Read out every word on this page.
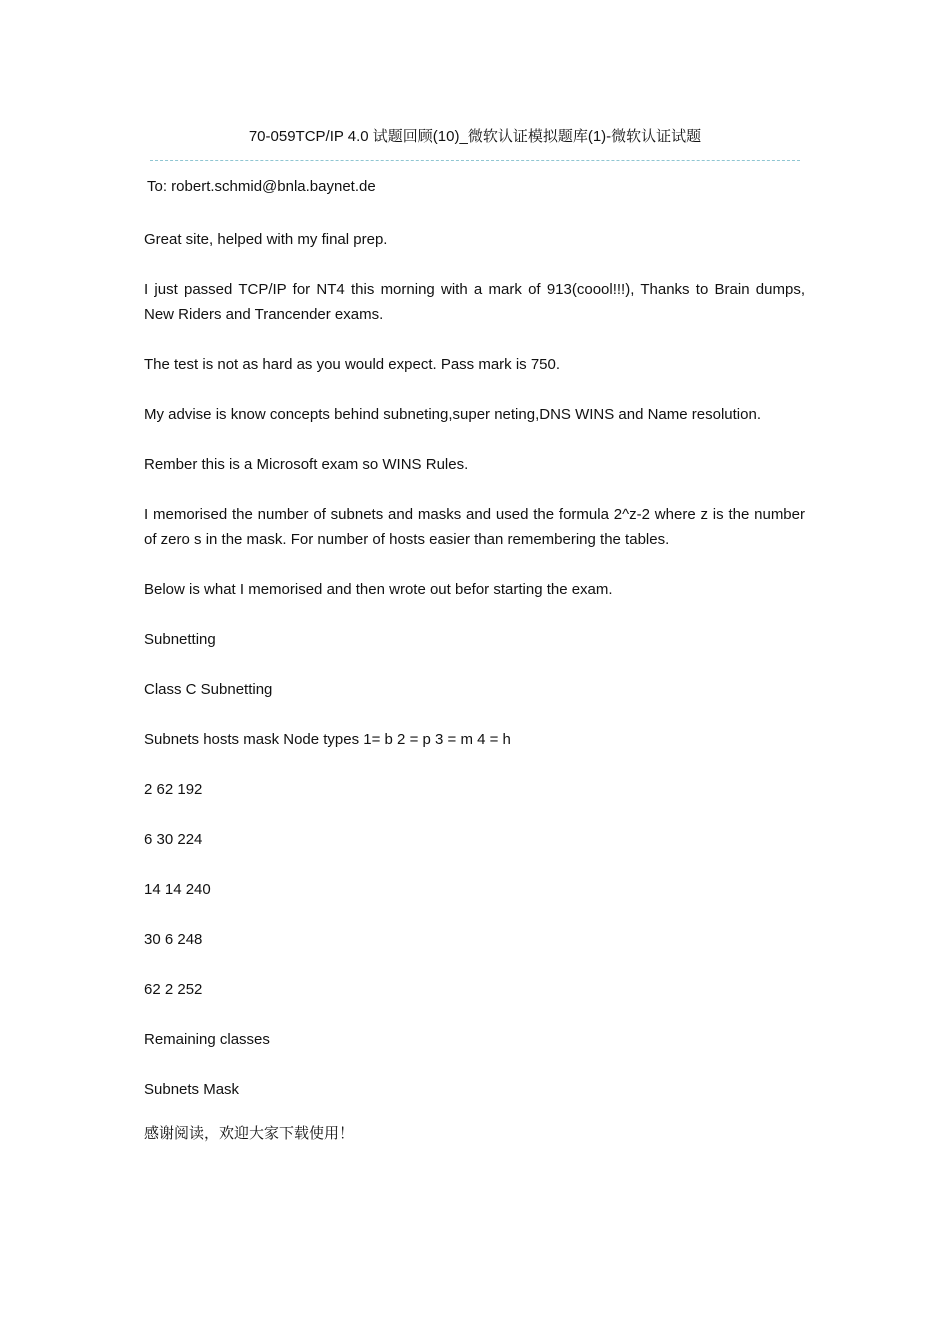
70-059TCP/IP 4.0 试题回顾(10)_微软认证模拟题库(1)-微软认证试题
To: robert.schmid@bnla.baynet.de

Great site, helped with my final prep.

I just passed TCP/IP for NT4 this morning with a mark of 913(coool!!!), Thanks to Brain dumps, New Riders and Trancender exams.

The test is not as hard as you would expect. Pass mark is 750.

My advise is know concepts behind subneting,super neting,DNS WINS and Name resolution.

Rember this is a Microsoft exam so WINS Rules.

I memorised the number of subnets and masks and used the formula 2^z-2 where z is the number of zero s in the mask. For number of hosts easier than remembering the tables.

Below is what I memorised and then wrote out befor starting the exam.

Subnetting

Class C Subnetting

Subnets hosts mask Node types 1= b 2 = p 3 = m 4 = h

2 62 192

6 30 224

14 14 240

30 6 248

62 2 252

Remaining classes

Subnets Mask

感谢阅读，欢迎大家下载使用！
